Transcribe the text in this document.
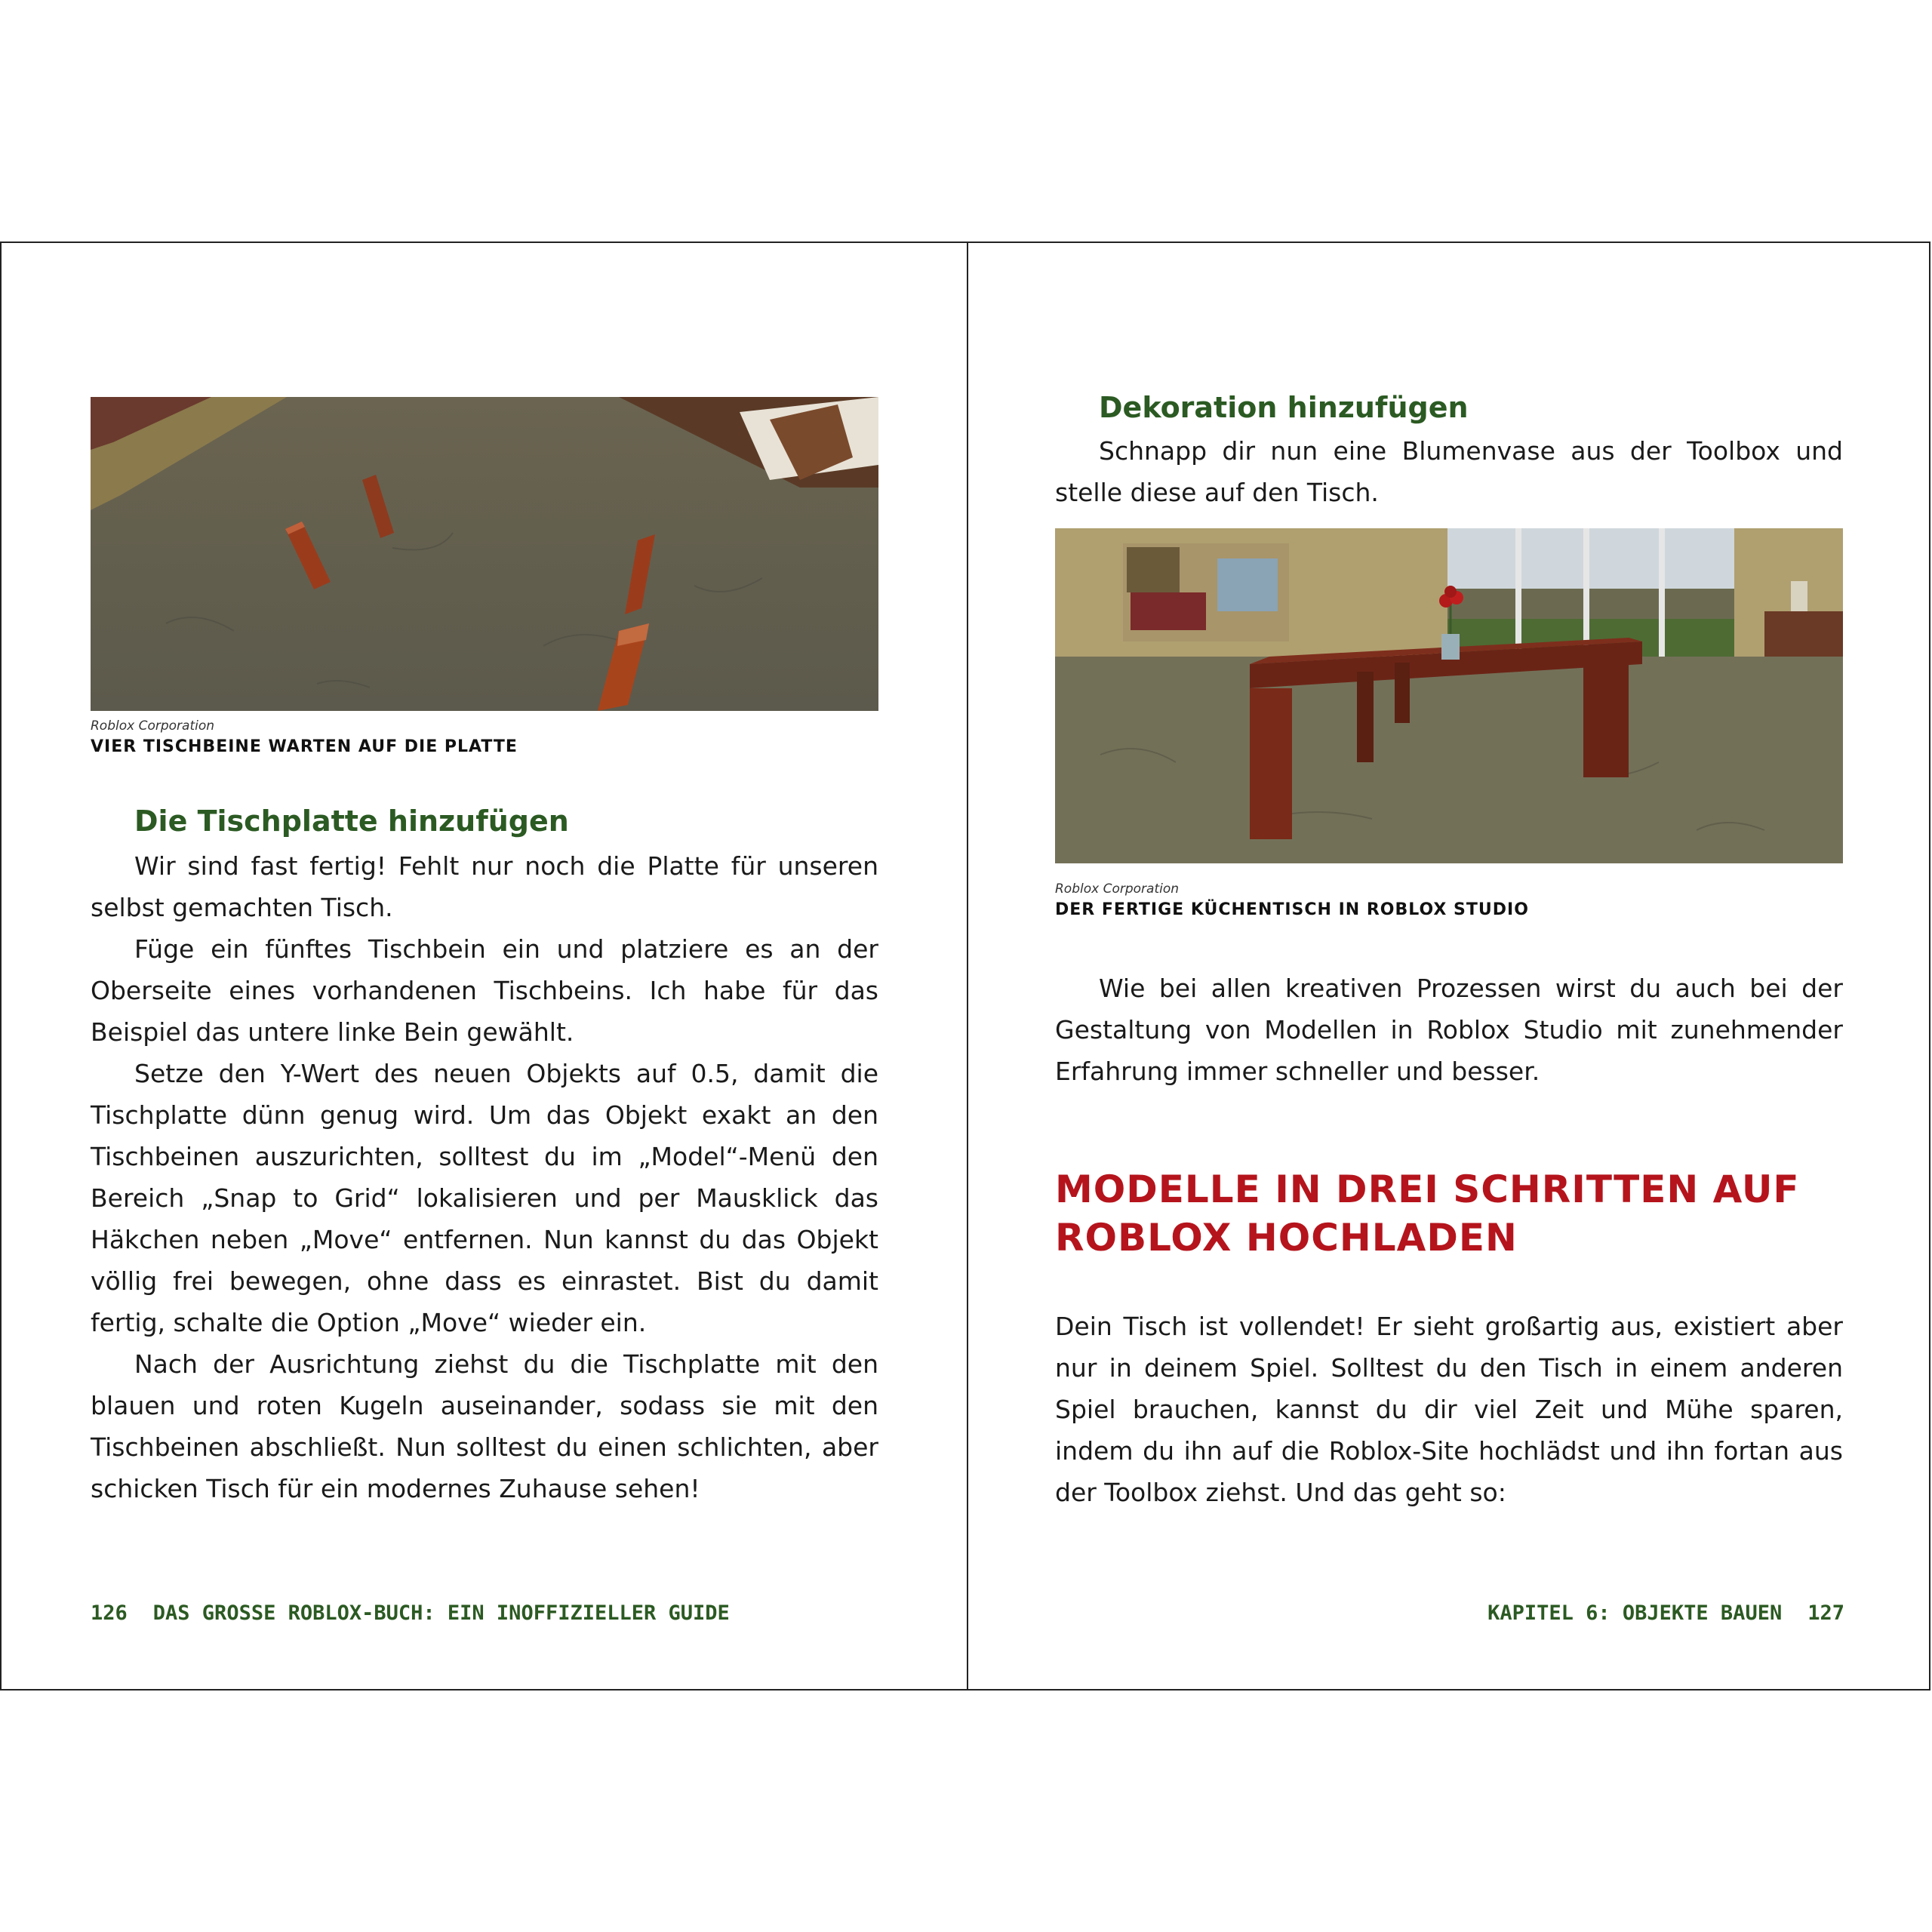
Roblox Corporation
VIER TISCHBEINE WARTEN AUF DIE PLATTE
Die Tischplatte hinzufügen

Wir sind fast fertig! Fehlt nur noch die Platte für unseren selbst gemachten Tisch.

Füge ein fünftes Tischbein ein und platziere es an der Oberseite eines vorhandenen Tischbeins. Ich habe für das Beispiel das untere linke Bein gewählt.

Setze den Y-Wert des neuen Objekts auf 0.5, damit die Tischplatte dünn genug wird. Um das Objekt exakt an den Tischbeinen auszurichten, solltest du im „Model“-Menü den Bereich „Snap to Grid“ lokalisieren und per Mausklick das Häkchen neben „Move“ entfernen. Nun kannst du das Objekt völlig frei bewegen, ohne dass es einrastet. Bist du damit fertig, schalte die Option „Move“ wieder ein.

Nach der Ausrichtung ziehst du die Tischplatte mit den blauen und roten Kugeln auseinander, sodass sie mit den Tischbeinen abschließt. Nun solltest du einen schlichten, aber schicken Tisch für ein modernes Zuhause sehen!

126 DAS GROSSE ROBLOX-BUCH: EIN INOFFIZIELLER GUIDE
Dekoration hinzufügen

Schnapp dir nun eine Blumenvase aus der Toolbox und stelle diese auf den Tisch.

Roblox Corporation
DER FERTIGE KÜCHENTISCH IN ROBLOX STUDIO

Wie bei allen kreativen Prozessen wirst du auch bei der Gestaltung von Modellen in Roblox Studio mit zunehmender Erfahrung immer schneller und besser.

MODELLE IN DREI SCHRITTEN AUF ROBLOX HOCHLADEN

Dein Tisch ist vollendet! Er sieht großartig aus, existiert aber nur in deinem Spiel. Solltest du den Tisch in einem anderen Spiel brauchen, kannst du dir viel Zeit und Mühe sparen, indem du ihn auf die Roblox-Site hochlädst und ihn fortan aus der Toolbox ziehst. Und das geht so:

KAPITEL 6: OBJEKTE BAUEN 127
